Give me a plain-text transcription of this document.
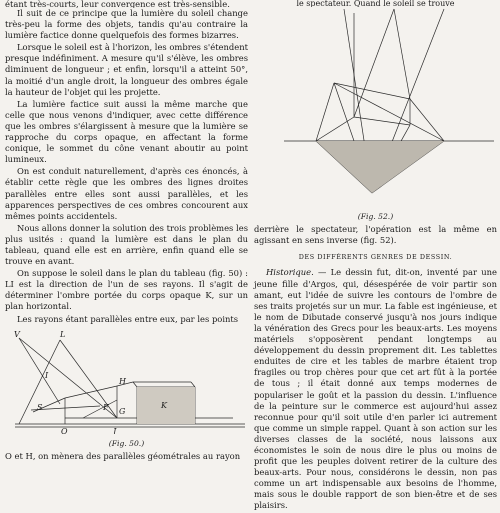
étant très-courts, leur convergence est très-sensible.

Il suit de ce principe que la lumière du soleil change très-peu la forme des objets, tandis qu'au contraire la lumière factice donne quelquefois des formes bizarres.

Lorsque le soleil est à l'horizon, les ombres s'étendent presque indéfiniment. A mesure qu'il s'élève, les ombres diminuent de longueur ; et enfin, lorsqu'il a atteint 50°, la moitié d'un angle droit, la longueur des ombres égale la hauteur de l'objet qui les projette.

La lumière factice suit aussi la même marche que celle que nous venons d'indiquer, avec cette différence que les ombres s'élargissent à mesure que la lumière se rapproche du corps opaque, en affectant la forme conique, le sommet du cône venant aboutir au point lumineux.

On est conduit naturellement, d'après ces énoncés, à établir cette règle que les ombres des lignes droites parallèles entre elles sont aussi parallèles, et les apparences perspectives de ces ombres concourent aux mêmes points accidentels.

Nous allons donner la solution des trois problèmes les plus usités : quand la lumière est dans le plan du tableau, quand elle est en arrière, enfin quand elle se trouve en avant.

On suppose le soleil dans le plan du tableau (fig. 50) : LI est la direction de l'un de ses rayons. Il s'agit de déterminer l'ombre portée du corps opaque K, sur un plan horizontal.

Les rayons étant parallèles entre eux, par les points

V	L
I
H
G
K
S	F
O	J
(Fig. 50.)

O et H, on mènera des parallèles géométrales au rayon

le spectateur. Quand le soleil se trouve
(Fig. 52.)

derrière le spectateur, l'opération est la même en agissant en sens inverse (fig. 52).

DES DIFFÉRENTS GENRES DE DESSIN.

Historique. — Le dessin fut, dit-on, inventé par une jeune fille d'Argos, qui, désespérée de voir partir son amant, eut l'idée de suivre les contours de l'ombre de ses traits projetés sur un mur. La fable est ingénieuse, et le nom de Dibutade conservé jusqu'à nos jours indique la vénération des Grecs pour les beaux-arts. Les moyens matériels s'opposèrent pendant longtemps au développement du dessin proprement dit. Les tablettes enduites de cire et les tables de marbre étaient trop fragiles ou trop chères pour que cet art fût à la portée de tous ; il était donné aux temps modernes de populariser le goût et la passion du dessin. L'influence de la peinture sur le commerce est aujourd'hui assez reconnue pour qu'il soit utile d'en parler ici autrement que comme un simple rappel. Quant à son action sur les diverses classes de la société, nous laissons aux économistes le soin de nous dire le plus ou moins de profit que les peuples doivent retirer de la culture des beaux-arts. Pour nous, considérons le dessin, non pas comme un art indispensable aux besoins de l'homme, mais sous le double rapport de son bien-être et de ses plaisirs.
